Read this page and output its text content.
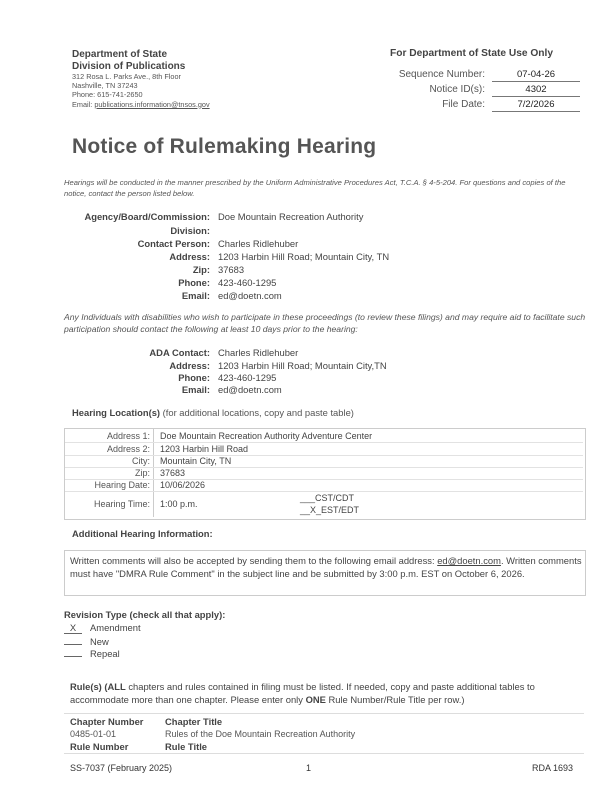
Department of State
Division of Publications
312 Rosa L. Parks Ave., 8th Floor
Nashville, TN 37243
Phone: 615-741-2650
Email: publications.information@tnsos.gov
For Department of State Use Only
Sequence Number:	07-04-26
Notice ID(s):	4302
File Date:	7/2/2026
Notice of Rulemaking Hearing
Hearings will be conducted in the manner prescribed by the Uniform Administrative Procedures Act, T.C.A. § 4-5-204. For questions and copies of the notice, contact the person listed below.
Agency/Board/Commission: Doe Mountain Recreation Authority
Division:
Contact Person: Charles Ridlehuber
Address: 1203 Harbin Hill Road; Mountain City, TN
Zip: 37683
Phone: 423-460-1295
Email: ed@doetn.com
Any Individuals with disabilities who wish to participate in these proceedings (to review these filings) and may require aid to facilitate such participation should contact the following at least 10 days prior to the hearing:
ADA Contact: Charles Ridlehuber
Address: 1203 Harbin Hill Road; Mountain City,TN
Phone: 423-460-1295
Email: ed@doetn.com
Hearing Location(s) (for additional locations, copy and paste table)
Address 1: Doe Mountain Recreation Authority Adventure Center
Address 2: 1203 Harbin Hill Road
City: Mountain City, TN
Zip: 37683
Hearing Date: 10/06/2026
Hearing Time: 1:00 p.m.
___CST/CDT
__X_EST/EDT
Additional Hearing Information:
Written comments will also be accepted by sending them to the following email address: ed@doetn.com. Written comments must have "DMRA Rule Comment" in the subject line and be submitted by 3:00 p.m. EST on October 6, 2026.
Revision Type (check all that apply):
X Amendment
New
Repeal
Rule(s) (ALL chapters and rules contained in filing must be listed. If needed, copy and paste additional tables to accommodate more than one chapter. Please enter only ONE Rule Number/Rule Title per row.)
Chapter Number Chapter Title
0485-01-01	Rules of the Doe Mountain Recreation Authority
Rule Number	Rule Title
SS-7037 (February 2025)	1	RDA 1693
